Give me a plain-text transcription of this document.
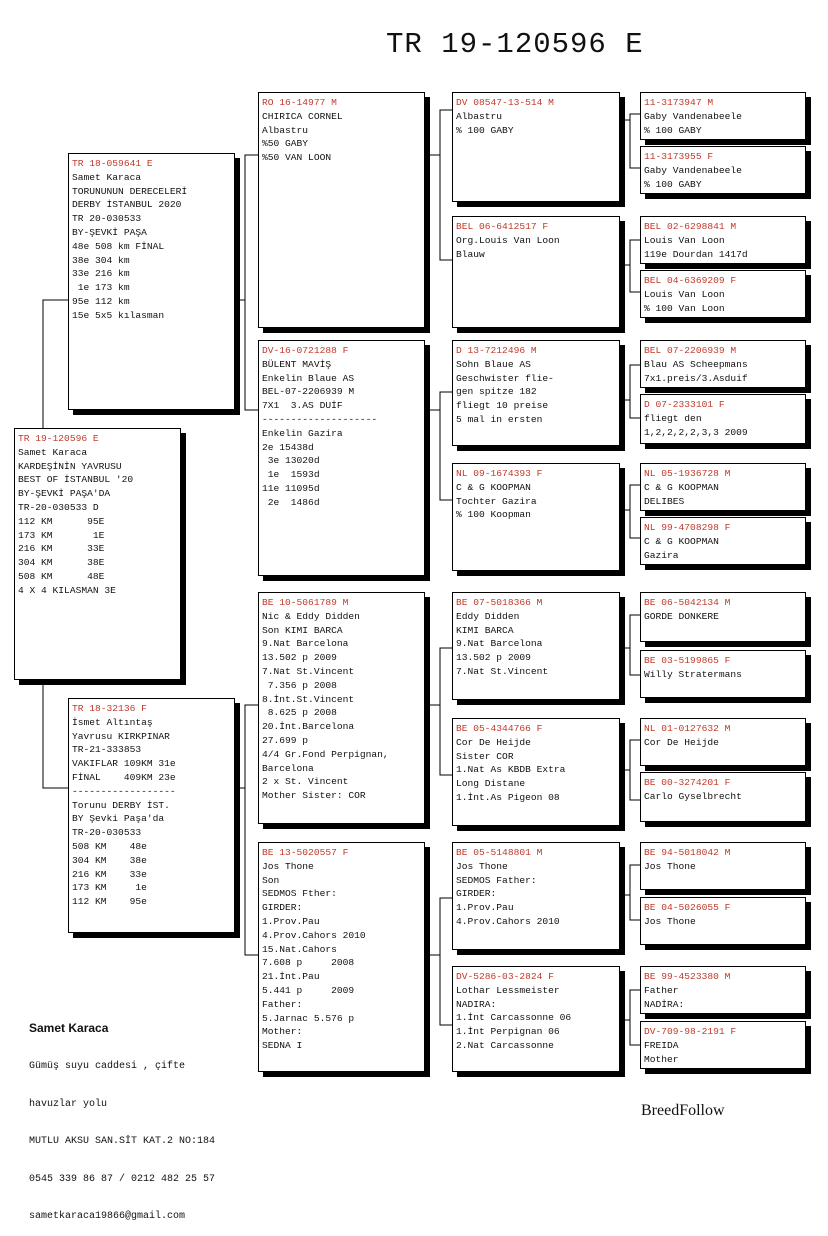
TR 19-120596 E
TR 19-120596 E
Samet Karaca
KARDEŞİNİN YAVRUSU
BEST OF İSTANBUL '20
BY-ŞEVKİ PAŞA'DA
TR-20-030533 D
112 KM      95E
173 KM       1E
216 KM      33E
304 KM      38E
508 KM      48E
4 X 4 KILASMAN 3E
TR 18-059641 E
Samet Karaca
TORUNUNUN DERECELERİ
DERBY İSTANBUL 2020
TR 20-030533
BY-ŞEVKİ PAŞA
48e 508 km FİNAL
38e 304 km
33e 216 km
1e 173 km
95e 112 km
15e 5x5 kılasman
TR 18-32136 F
İsmet Altıntaş
Yavrusu KIRKPINAR
TR-21-333853
VAKIFLAR 109KM 31e
FİNAL    409KM 23e
------------------
Torunu DERBY İST.
BY Şevki Paşa'da
TR-20-030533
508 KM    48e
304 KM    38e
216 KM    33e
173 KM     1e
112 KM    95e
RO 16-14977 M
CHIRICA CORNEL
Albastru
%50 GABY
%50 VAN LOON
DV-16-0721288 F
BÜLENT MAVİŞ
Enkelin Blaue AS
BEL-07-2206939 M
7X1  3.AS DUİF
--------------------
Enkelin Gazira
2e 15438d
3e 13020d
1e  1593d
11e 11095d
2e  1486d
BE 10-5061789 M
Nic & Eddy Didden
Son KIMI BARCA
9.Nat Barcelona
13.502 p 2009
7.Nat St.Vincent
7.356 p 2008
8.İnt.St.Vincent
8.625 p 2008
20.İnt.Barcelona
27.699 p
4/4 Gr.Fond Perpignan,
Barcelona
2 x St. Vincent
Mother Sister: COR
BE 13-5020557 F
Jos Thone
Son
SEDMOS Fther:
GIRDER:
1.Prov.Pau
4.Prov.Cahors 2010
15.Nat.Cahors
7.608 p     2008
21.İnt.Pau
5.441 p     2009
Father:
5.Jarnac 5.576 p
Mother:
SEDNA I
DV 08547-13-514 M
Albastru
% 100 GABY
BEL 06-6412517 F
Org.Louis Van Loon
Blauw
D 13-7212496 M
Sohn Blaue AS
Geschwister flie-
gen spitze 182
fliegt 10 preise
5 mal in ersten
NL 09-1674393 F
C & G KOOPMAN
Tochter Gazira
% 100 Koopman
BE 07-5018366 M
Eddy Didden
KIMI BARCA
9.Nat Barcelona
13.502 p 2009
7.Nat St.Vincent
BE 05-4344766 F
Cor De Heijde
Sister COR
1.Nat As KBDB Extra
Long Distane
1.İnt.As Pigeon 08
BE 05-5148801 M
Jos Thone
SEDMOS Father:
GIRDER:
1.Prov.Pau
4.Prov.Cahors 2010
DV-5286-03-2824 F
Lothar Lessmeister
NADIRA:
1.İnt Carcassonne 06
1.İnt Perpignan 06
2.Nat Carcassonne
11-3173947 M
Gaby Vandenabeele
% 100 GABY
11-3173955 F
Gaby Vandenabeele
% 100 GABY
BEL 02-6298841 M
Louis Van Loon
119e Dourdan 1417d
BEL 04-6369209 F
Louis Van Loon
% 100 Van Loon
BEL 07-2206939 M
Blau AS Scheepmans
7x1.preis/3.Asduif
D 07-2333101 F
fliegt den
1,2,2,2,2,3,3 2009
NL 05-1936728 M
C & G KOOPMAN
DELIBES
NL 99-4708298 F
C & G KOOPMAN
Gazira
BE 06-5042134 M
GORDE DONKERE
BE 03-5199865 F
Willy Stratermans
NL 01-0127632 M
Cor De Heijde
BE 00-3274201 F
Carlo Gyselbrecht
BE 94-5018042 M
Jos Thone
BE 04-5026055 F
Jos Thone
BE 99-4523380 M
Father
NADİRA:
DV-709-98-2191 F
FREIDA
Mother

Samet Karaca

Gümüş suyu caddesi , çifte

havuzlar yolu

MUTLU AKSU SAN.SİT KAT.2 NO:184

0545 339 86 87 / 0212 482 25 57

sametkaraca19866@gmail.com

BreedFollow
